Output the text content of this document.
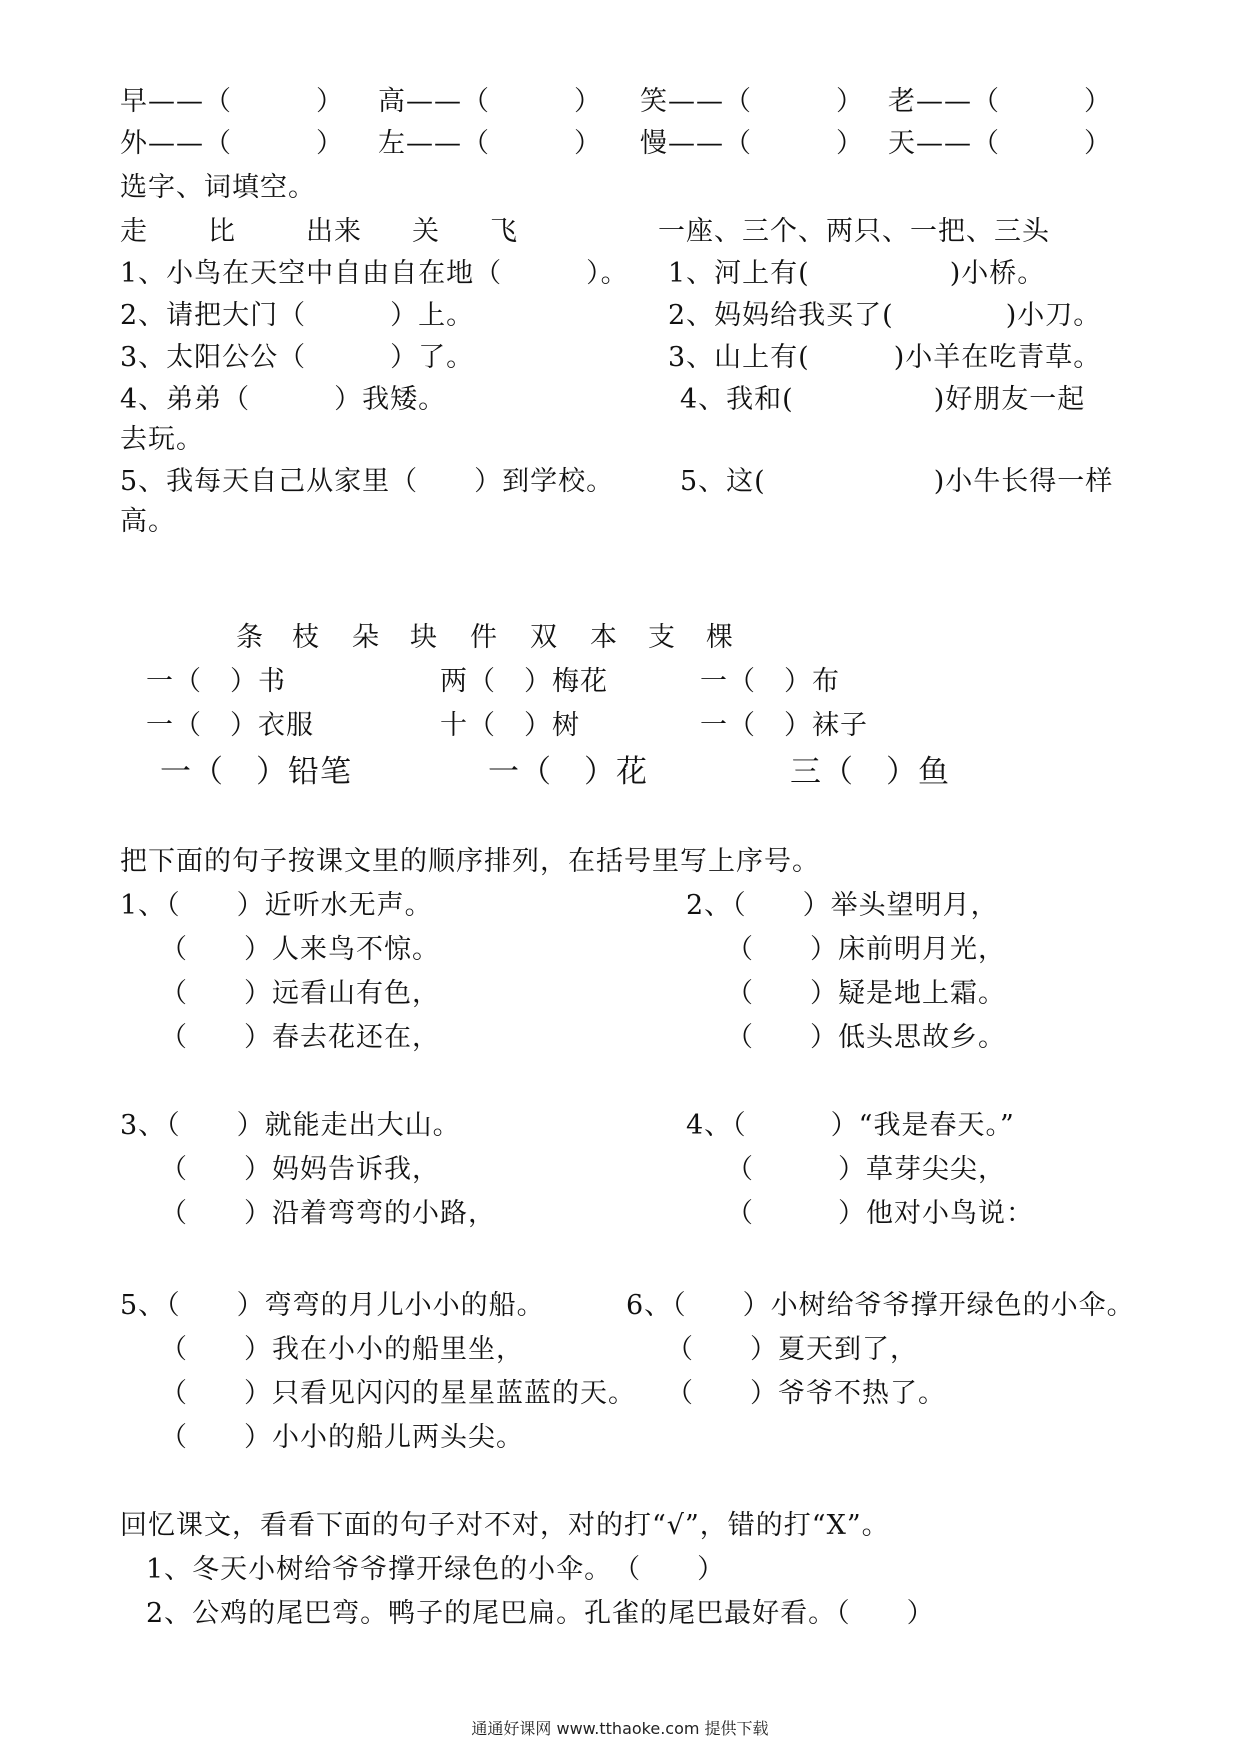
早——（　　　） 高——（　　　） 笑——（　　　） 老——（　　　）
外——（　　　） 左——（　　　） 慢——（　　　） 天——（　　　）
选字、词填空。
走 比	出来 关 飞	一座、三个、两只、一把、三头
1、小鸟在天空中自由自在地（　　　）。
2、请把大门（　　　）上。
3、太阳公公（　　　）了。
4、弟弟（　　　）我矮。
5、我每天自己从家里（　　）到学校。
1、河上有(　　　　　)小桥。
2、妈妈给我买了(　　　　)小刀。
3、山上有(　　　)小羊在吃青草。
4、我和(　　　　　)好朋友一起
去玩。
5、这(　　　　　　)小牛长得一样
高。
条 枝 朵 块 件 双 本 支 棵
一（　）书	两（　）梅花	一（　）布
一（　）衣服	十（　）树	一（　）袜子
一（　）铅笔	一（　）花	三（　）鱼
把下面的句子按课文里的顺序排列，在括号里写上序号。
1、（　　）近听水无声。
（　　）人来鸟不惊。
（　　）远看山有色，
（　　）春去花还在，
2、（　　）举头望明月，
（　　）床前明月光，
（　　）疑是地上霜。
（　　）低头思故乡。
3、（　　）就能走出大山。
（　　）妈妈告诉我，
（　　）沿着弯弯的小路，
4、（　　　）“我是春天。”
（　　　）草芽尖尖，
（　　　）他对小鸟说：
5、（　　）弯弯的月儿小小的船。
（　　）我在小小的船里坐，
（　　）只看见闪闪的星星蓝蓝的天。
（　　）小小的船儿两头尖。
6、（　　）小树给爷爷撑开绿色的小伞。
（　　）夏天到了，
（　　）爷爷不热了。
回忆课文，看看下面的句子对不对，对的打“√”，错的打“X”。
1、冬天小树给爷爷撑开绿色的小伞。　（　　）
2、公鸡的尾巴弯。鸭子的尾巴扁。孔雀的尾巴最好看。（　　）
通通好课网 www.tthaoke.com 提供下载
